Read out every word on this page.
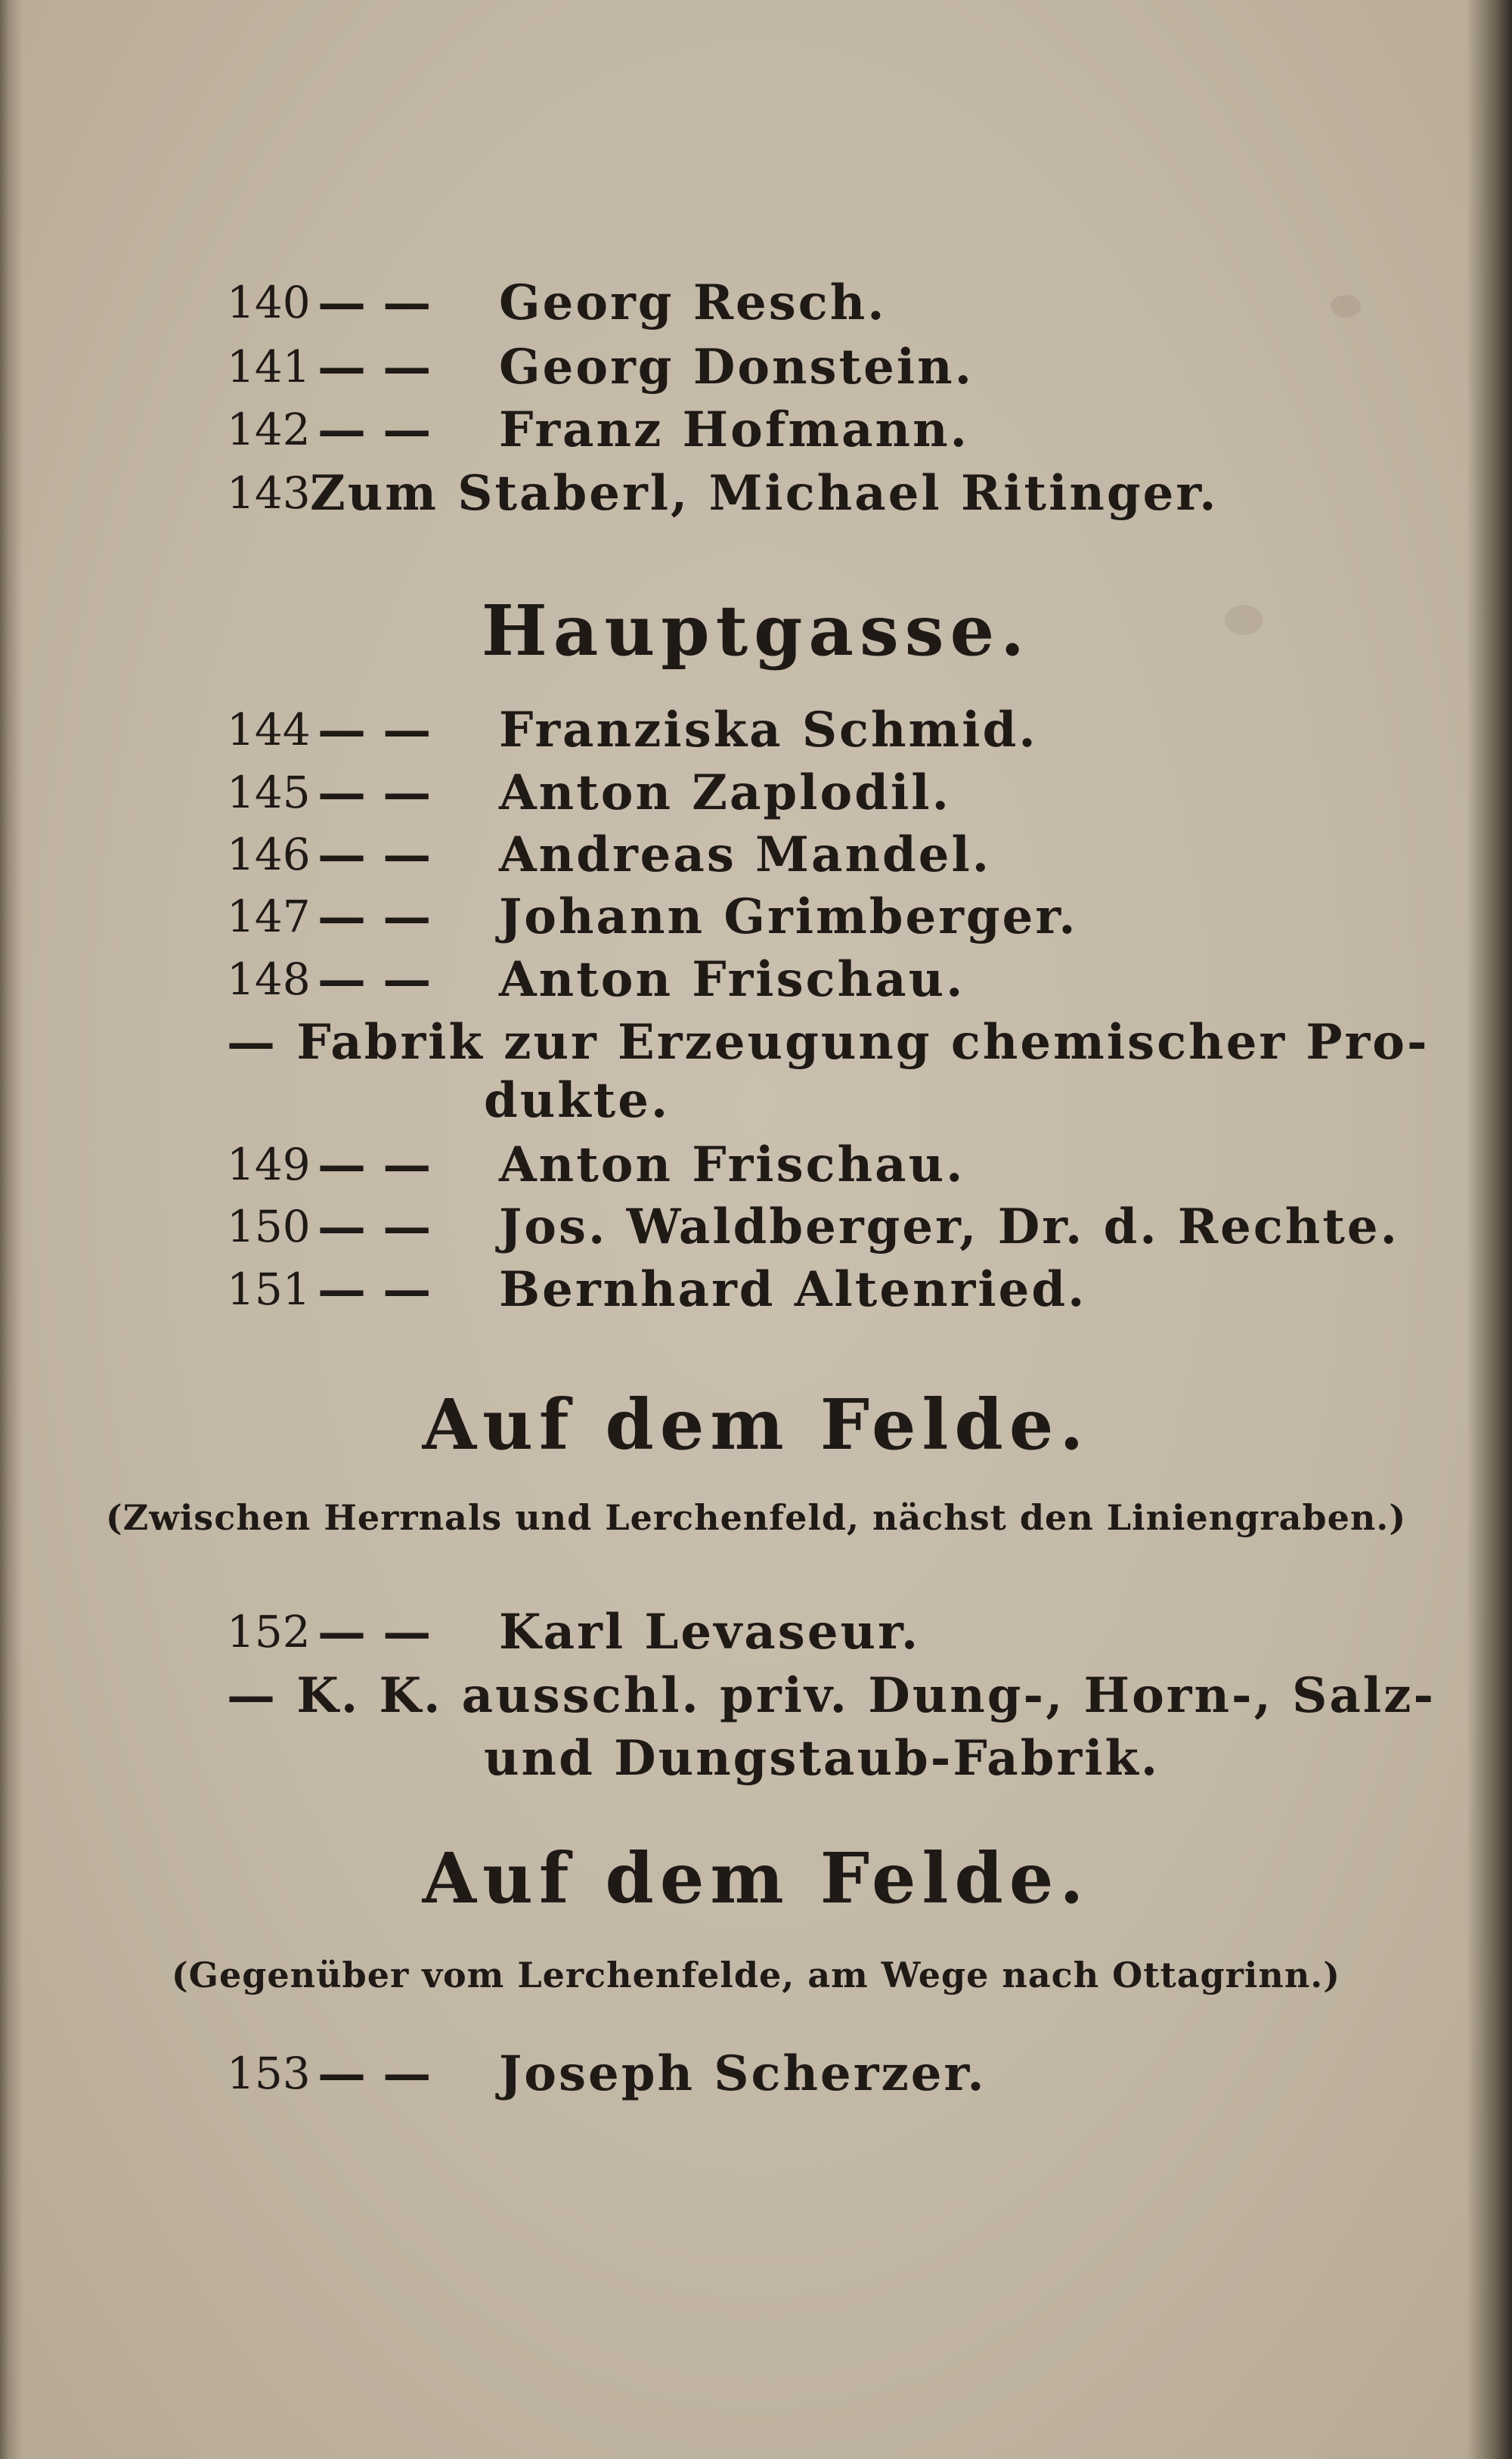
140 — —	Georg Resch.
141 — —	Georg Donstein.
142 — —	Franz Hofmann.
143 Zum Staberl, Michael Ritinger.
Hauptgasse.
144 — —	Franziska Schmid.
145 — —	Anton Zaplodil.
146 — —	Andreas Mandel.
147 — —	Johann Grimberger.
148 — —	Anton Frischau.
— Fabrik zur Erzeugung chemischer Pro-
dukte.
149 — —	Anton Frischau.
150 — —	Jos. Waldberger, Dr. d. Rechte.
151 — —	Bernhard Altenried.
Auf dem Felde.
(Zwischen Herrnals und Lerchenfeld, nächst den Liniengraben.)
152 — —	Karl Levaseur.
— K. K. ausschl. priv. Dung-, Horn-, Salz-
und Dungstaub-Fabrik.
Auf dem Felde.
(Gegenüber vom Lerchenfelde, am Wege nach Ottagrinn.)
153 — —	Joseph Scherzer.
